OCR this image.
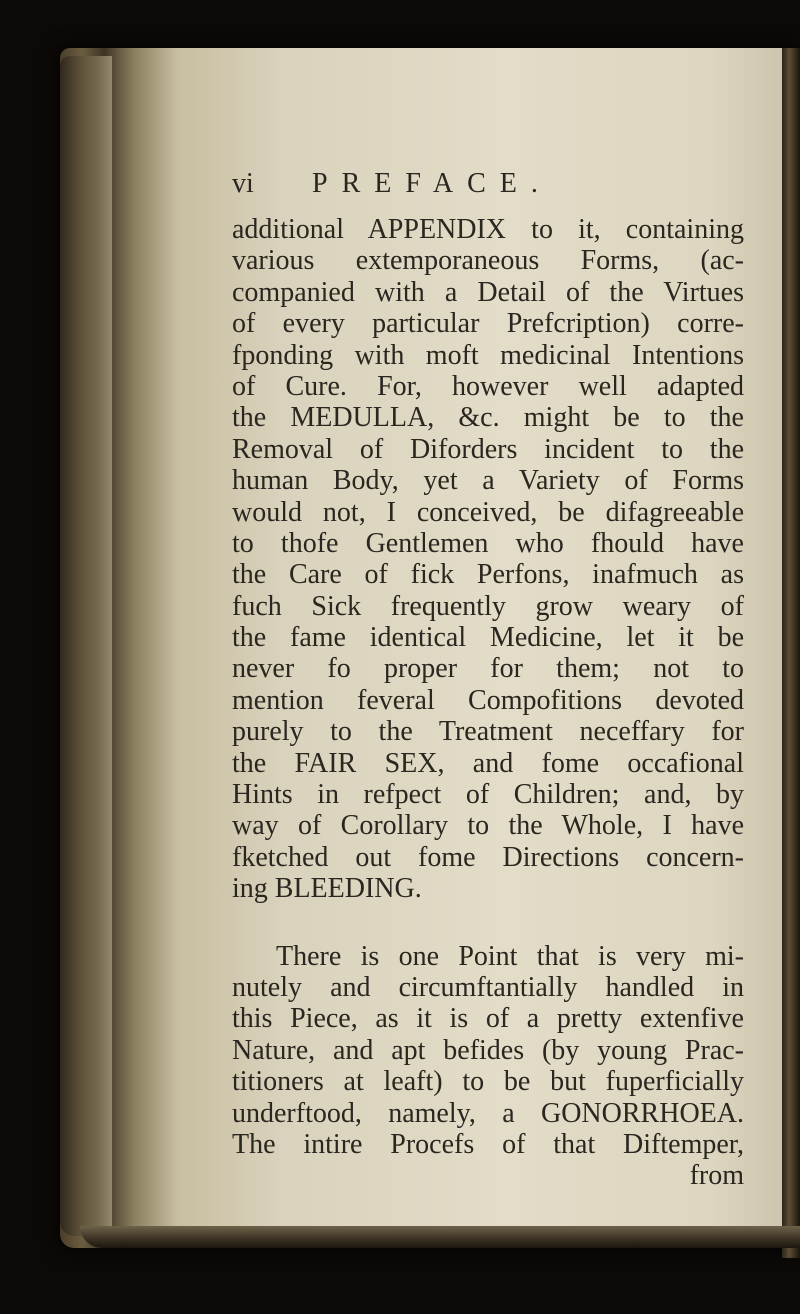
vi	PREFACE.
additional APPENDIX to it, containing
various extemporaneous Forms, (ac-
companied with a Detail of the Virtues
of every particular Prefcription) corre-
fponding with moft medicinal Intentions
of Cure. For, however well adapted
the MEDULLA, &c. might be to the
Removal of Diforders incident to the
human Body, yet a Variety of Forms
would not, I conceived, be difagreeable
to thofe Gentlemen who fhould have
the Care of fick Perfons, inafmuch as
fuch Sick frequently grow weary of
the fame identical Medicine, let it be
never fo proper for them; not to
mention feveral Compofitions devoted
purely to the Treatment neceffary for
the FAIR SEX, and fome occafional
Hints in refpect of Children; and, by
way of Corollary to the Whole, I have
fketched out fome Directions concern-
ing BLEEDING.
There is one Point that is very mi-
nutely and circumftantially handled in
this Piece, as it is of a pretty extenfive
Nature, and apt befides (by young Prac-
titioners at leaft) to be but fuperficially
underftood, namely, a GONORRHOEA.
The intire Procefs of that Diftemper,
from
